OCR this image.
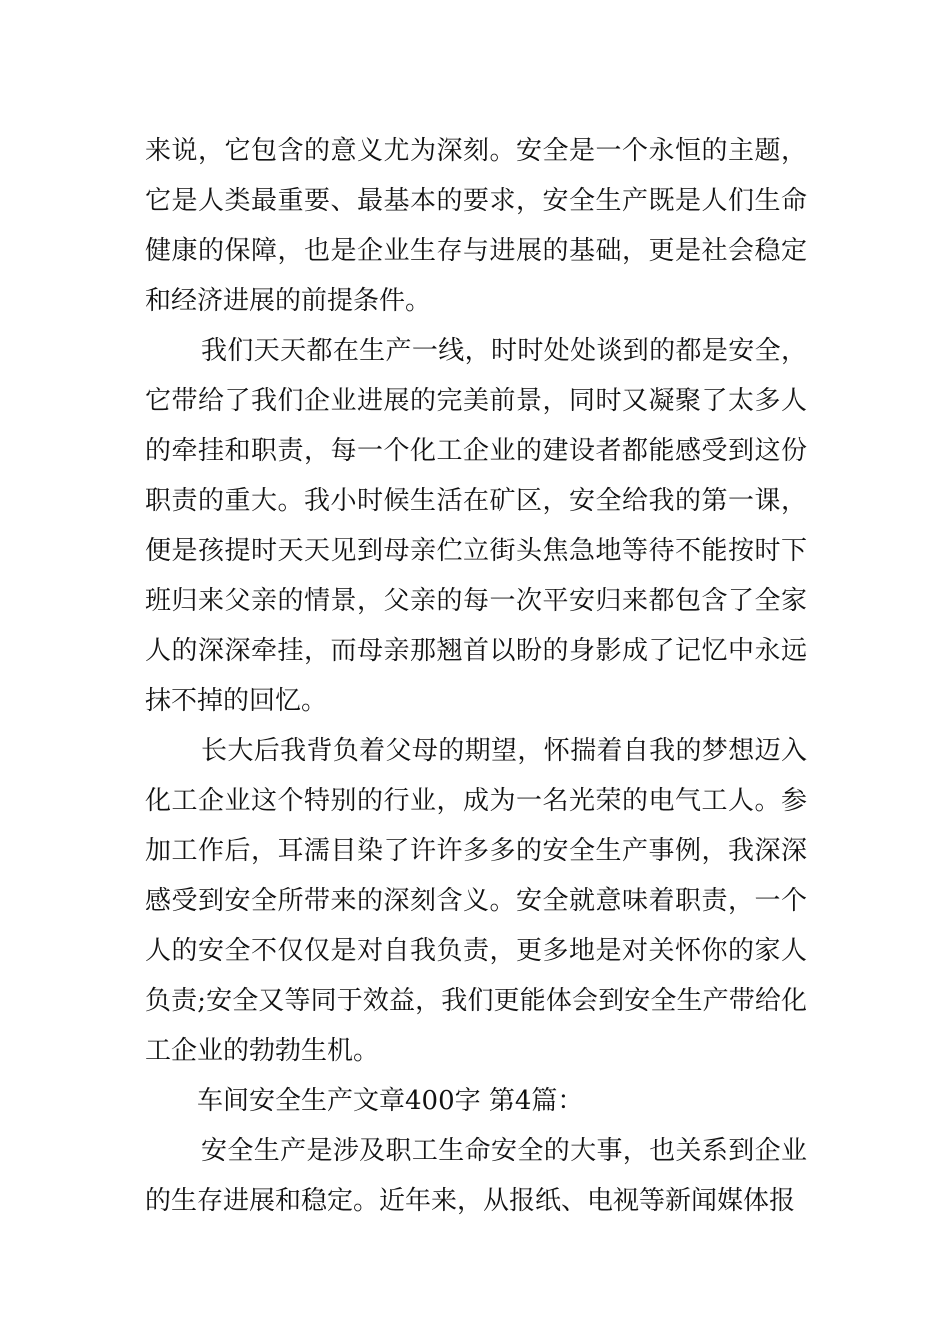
来说，它包含的意义尤为深刻。安全是一个永恒的主题，它是人类最重要、最基本的要求，安全生产既是人们生命健康的保障，也是企业生存与进展的基础，更是社会稳定和经济进展的前提条件。

我们天天都在生产一线，时时处处谈到的都是安全，它带给了我们企业进展的完美前景，同时又凝聚了太多人的牵挂和职责，每一个化工企业的建设者都能感受到这份职责的重大。我小时候生活在矿区，安全给我的第一课，便是孩提时天天见到母亲伫立街头焦急地等待不能按时下班归来父亲的情景，父亲的每一次平安归来都包含了全家人的深深牵挂，而母亲那翘首以盼的身影成了记忆中永远抹不掉的回忆。

长大后我背负着父母的期望，怀揣着自我的梦想迈入化工企业这个特别的行业，成为一名光荣的电气工人。参加工作后，耳濡目染了许许多多的安全生产事例，我深深感受到安全所带来的深刻含义。安全就意味着职责，一个人的安全不仅仅是对自我负责，更多地是对关怀你的家人负责;安全又等同于效益，我们更能体会到安全生产带给化工企业的勃勃生机。

车间安全生产文章400字 第4篇：

安全生产是涉及职工生命安全的大事，也关系到企业的生存进展和稳定。近年来，从报纸、电视等新闻媒体报
